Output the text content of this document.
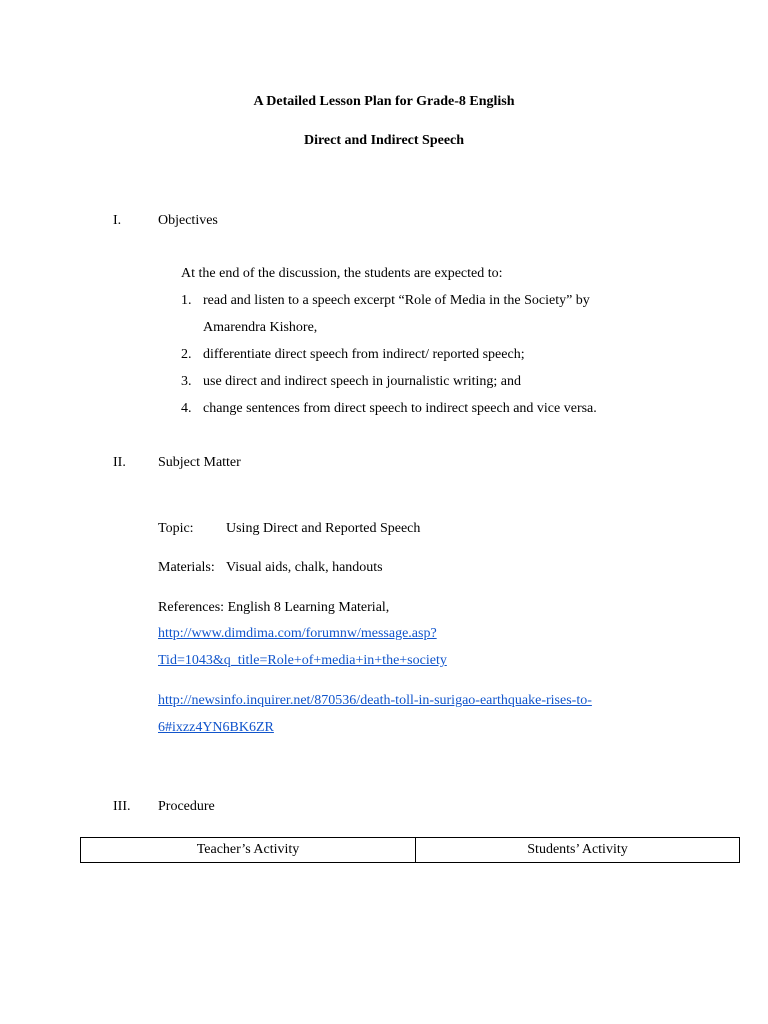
A Detailed Lesson Plan for Grade-8 English
Direct and Indirect Speech
I.	Objectives
At the end of the discussion, the students are expected to:
1. read and listen to a speech excerpt “Role of Media in the Society” by
Amarendra Kishore,
2. differentiate direct speech from indirect/ reported speech;
3. use direct and indirect speech in journalistic writing; and
4. change sentences from direct speech to indirect speech and vice versa.
II. Subject Matter
Topic: Using Direct and Reported Speech
Materials: Visual aids, chalk, handouts
References: English 8 Learning Material,
http://www.dimdima.com/forumnw/message.asp?
Tid=1043&q_title=Role+of+media+in+the+society
http://newsinfo.inquirer.net/870536/death-toll-in-surigao-earthquake-rises-to-
6#ixzz4YN6BK6ZR
III. Procedure
Teacher’s Activity	Students’ Activity
